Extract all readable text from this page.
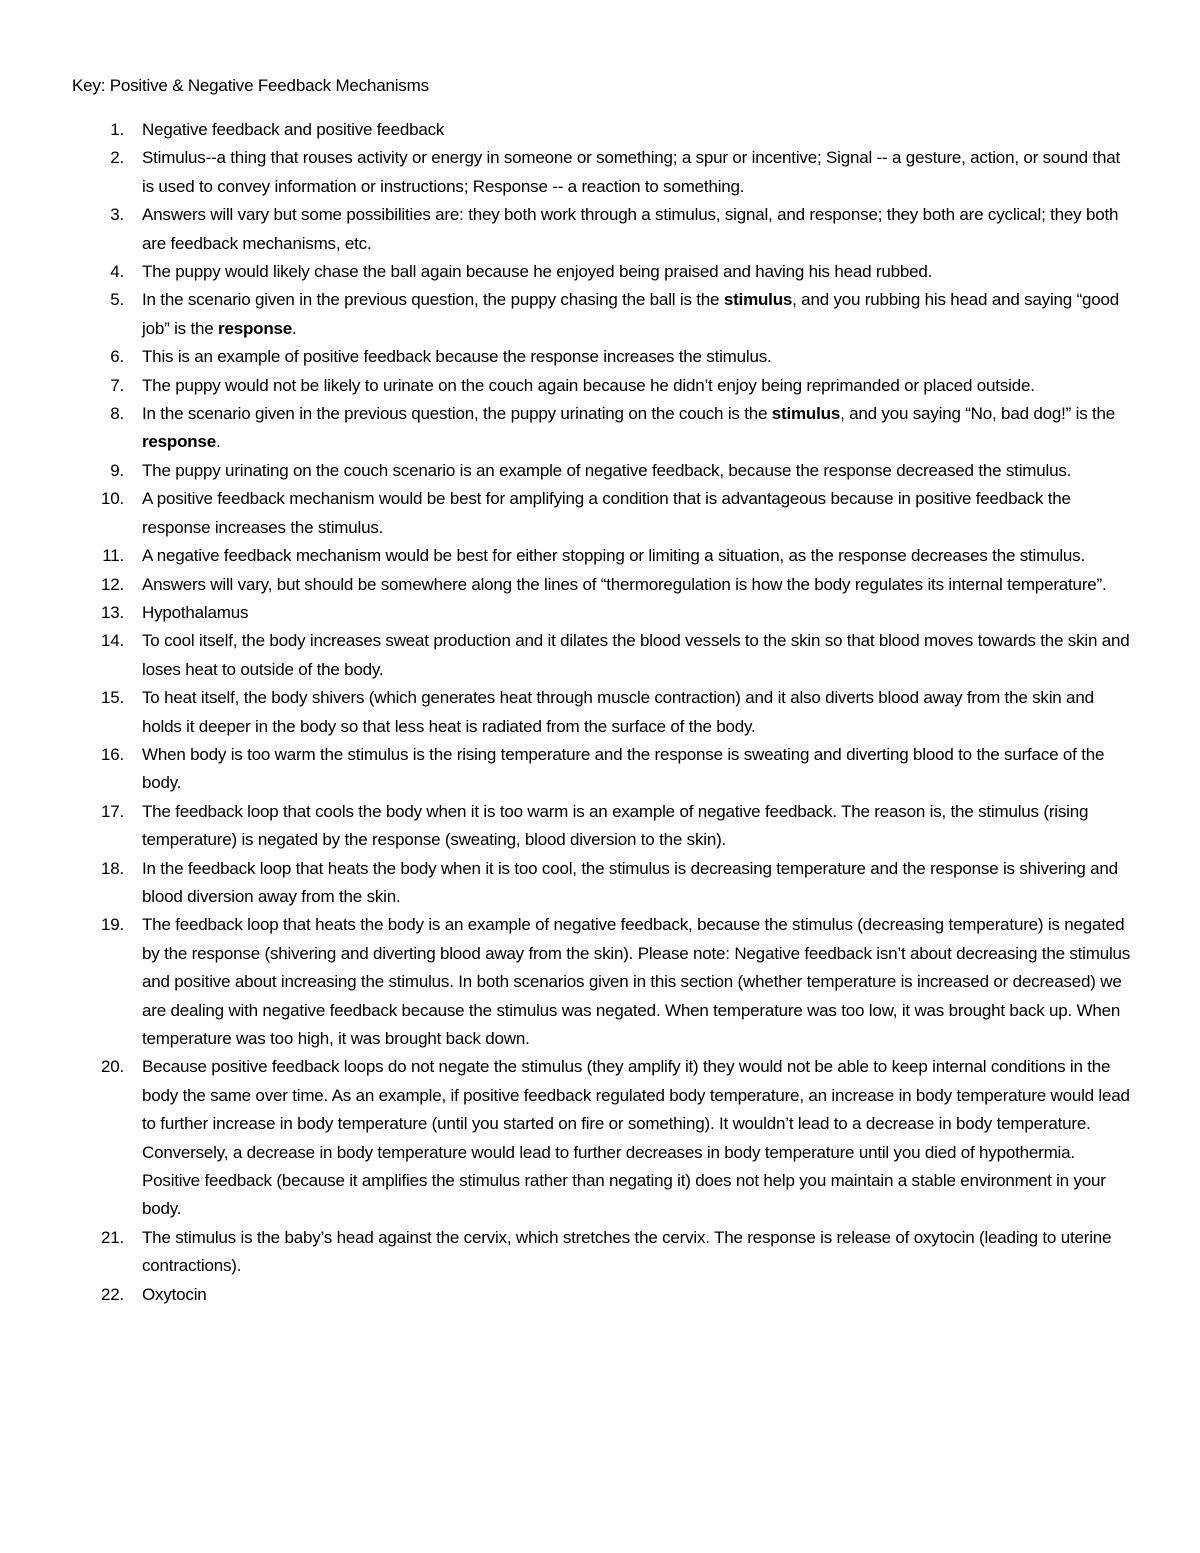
Key: Positive & Negative Feedback Mechanisms
1. Negative feedback and positive feedback
2. Stimulus--a thing that rouses activity or energy in someone or something; a spur or incentive; Signal -- a gesture, action, or sound that is used to convey information or instructions; Response -- a reaction to something.
3. Answers will vary but some possibilities are: they both work through a stimulus, signal, and response; they both are cyclical; they both are feedback mechanisms, etc.
4. The puppy would likely chase the ball again because he enjoyed being praised and having his head rubbed.
5. In the scenario given in the previous question, the puppy chasing the ball is the stimulus, and you rubbing his head and saying “good job” is the response.
6. This is an example of positive feedback because the response increases the stimulus.
7. The puppy would not be likely to urinate on the couch again because he didn’t enjoy being reprimanded or placed outside.
8. In the scenario given in the previous question, the puppy urinating on the couch is the stimulus, and you saying “No, bad dog!” is the response.
9. The puppy urinating on the couch scenario is an example of negative feedback, because the response decreased the stimulus.
10. A positive feedback mechanism would be best for amplifying a condition that is advantageous because in positive feedback the response increases the stimulus.
11. A negative feedback mechanism would be best for either stopping or limiting a situation, as the response decreases the stimulus.
12. Answers will vary, but should be somewhere along the lines of “thermoregulation is how the body regulates its internal temperature”.
13. Hypothalamus
14. To cool itself, the body increases sweat production and it dilates the blood vessels to the skin so that blood moves towards the skin and loses heat to outside of the body.
15. To heat itself, the body shivers (which generates heat through muscle contraction) and it also diverts blood away from the skin and holds it deeper in the body so that less heat is radiated from the surface of the body.
16. When body is too warm the stimulus is the rising temperature and the response is sweating and diverting blood to the surface of the body.
17. The feedback loop that cools the body when it is too warm is an example of negative feedback. The reason is, the stimulus (rising temperature) is negated by the response (sweating, blood diversion to the skin).
18. In the feedback loop that heats the body when it is too cool, the stimulus is decreasing temperature and the response is shivering and blood diversion away from the skin.
19. The feedback loop that heats the body is an example of negative feedback, because the stimulus (decreasing temperature) is negated by the response (shivering and diverting blood away from the skin). Please note: Negative feedback isn’t about decreasing the stimulus and positive about increasing the stimulus. In both scenarios given in this section (whether temperature is increased or decreased) we are dealing with negative feedback because the stimulus was negated. When temperature was too low, it was brought back up. When temperature was too high, it was brought back down.
20. Because positive feedback loops do not negate the stimulus (they amplify it) they would not be able to keep internal conditions in the body the same over time. As an example, if positive feedback regulated body temperature, an increase in body temperature would lead to further increase in body temperature (until you started on fire or something). It wouldn’t lead to a decrease in body temperature. Conversely, a decrease in body temperature would lead to further decreases in body temperature until you died of hypothermia. Positive feedback (because it amplifies the stimulus rather than negating it) does not help you maintain a stable environment in your body.
21. The stimulus is the baby’s head against the cervix, which stretches the cervix. The response is release of oxytocin (leading to uterine contractions).
22. Oxytocin
